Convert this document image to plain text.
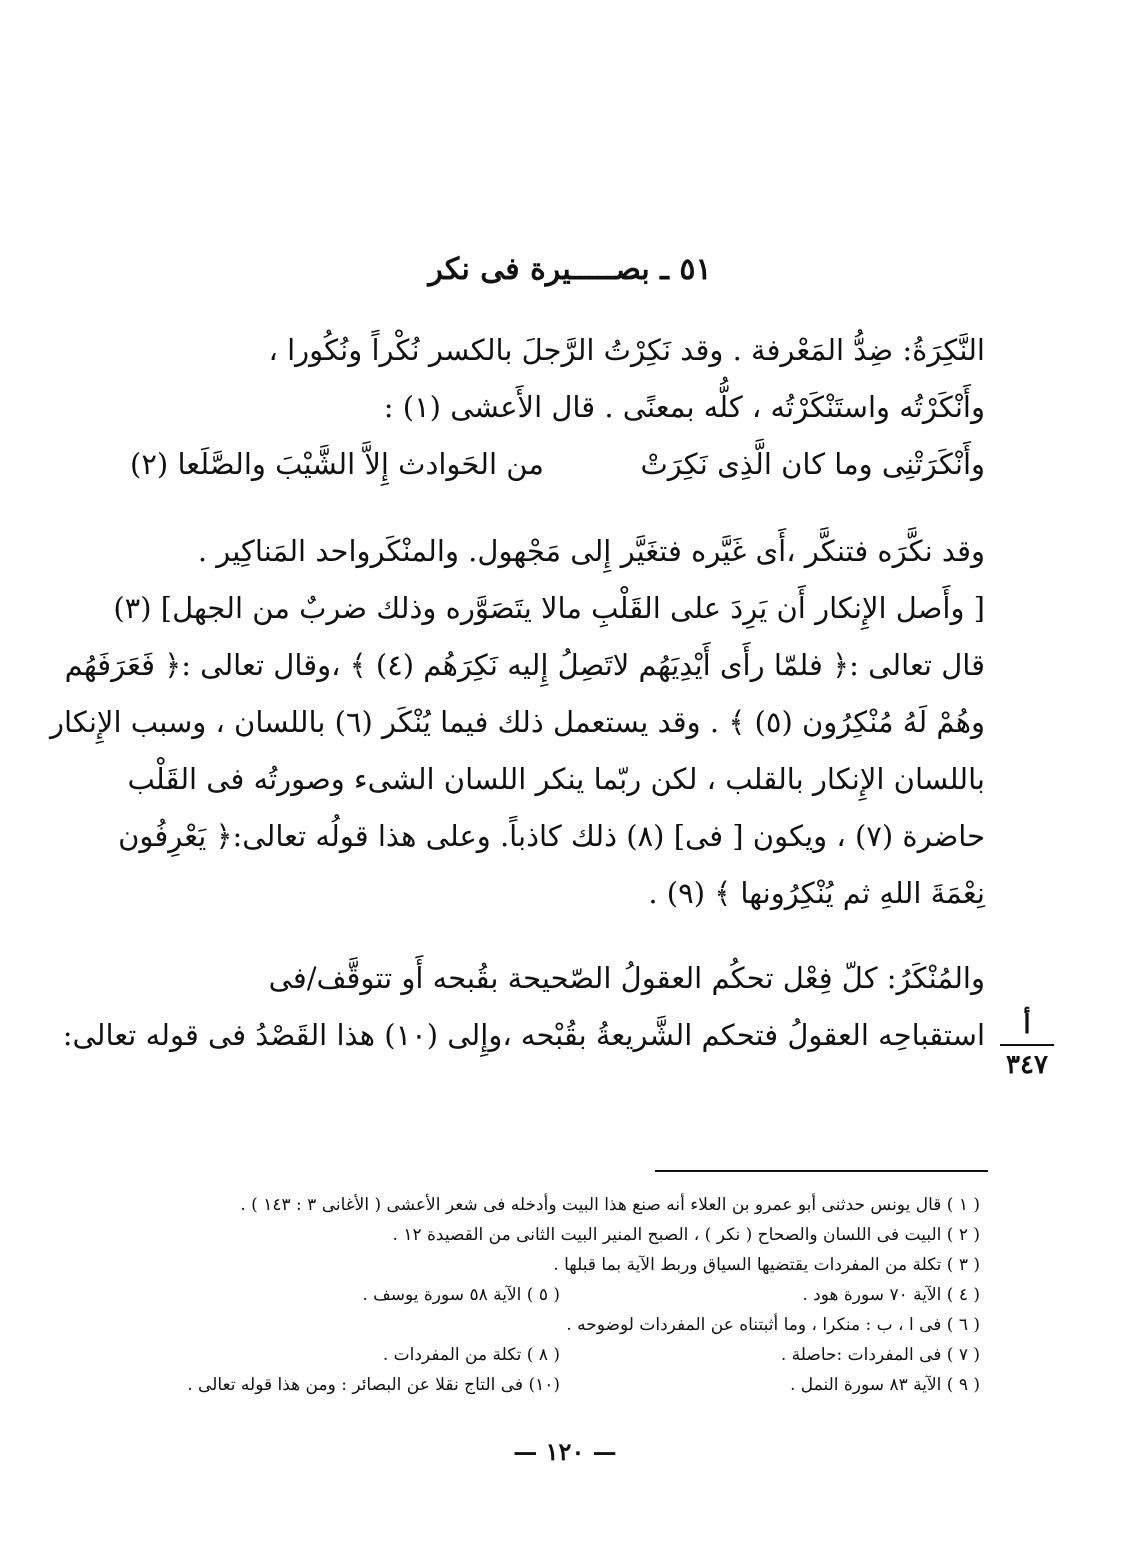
٥١ ـ بصـــــيرة فى نكر
النَّكِرَةُ: ضِدُّ المَعْرفة . وقد نَكِرْتُ الرَّجلَ بالكسر نُكْراً ونُكُورا ،
وأَنْكَرْتُه واستَنْكَرْتُه ، كلُّه بمعنًى . قال الأَعشى (١) :
وأَنْكَرَتْنِى وما كان الَّذِى نَكِرَتْ
من الحَوادث إِلاَّ الشَّيْبَ والصَّلَعا (٢)
وقد نكَّرَه فتنكَّر ،أَى غَيَّره فتغَيَّر إِلى مَجْهول. والمنْكَرواحد المَناكِير .
[ وأَصل الإِنكار أَن يَرِدَ على القَلْبِ مالا يتَصَوَّره وذلك ضربٌ من الجهل] (٣)
قال تعالى :﴿ فلمّا رأَى أَيْدِيَهُم لاتَصِلُ إِليه نَكِرَهُم (٤) ﴾ ،وقال تعالى :﴿ فَعَرَفَهُم
وهُمْ لَهُ مُنْكِرُون (٥) ﴾ . وقد يستعمل ذلك فيما يُنْكَر (٦) باللسان ، وسبب الإِنكار
باللسان الإِنكار بالقلب ، لكن ربّما ينكر اللسان الشىء وصورتُه فى القَلْب
حاضرة (٧) ، ويكون [ فى] (٨) ذلك كاذباً. وعلى هذا قولُه تعالى:﴿ يَعْرِفُون
نِعْمَةَ اللهِ ثم يُنْكِرُونها ﴾ (٩) .
والمُنْكَرُ: كلّ فِعْل تحكُم العقولُ الصّحيحة بقُبحه أَو تتوقَّف/فى
استقباحِه العقولُ فتحكم الشَّريعةُ بقُبْحه ،وإِلى (١٠) هذا القَصْدُ فى قوله تعالى:	أ
٣٤٧
( ١ ) قال يونس حدثنى أبو عمرو بن العلاء أنه صنع هذا البيت وأدخله فى شعر الأعشى ( الأغانى ٣ : ١٤٣ ) .
( ٢ ) البيت فى اللسان والصحاح ( نكر ) ، الصبح المنير البيت الثانى من القصيدة ١٢ .
( ٣ ) تكلة من المفردات يقتضيها السياق وربط الآية بما قبلها .
( ٤ ) الآية ٧٠ سورة هود .
( ٥ ) الآية ٥٨ سورة يوسف .
( ٦ ) فى ا ، ب : منكرا ، وما أثبتناه عن المفردات لوضوحه .
( ٧ ) فى المفردات :حاصلة .
( ٨ ) تكلة من المفردات .
( ٩ ) الآية ٨٣ سورة النمل .
(١٠) فى التاج نقلا عن البصائر : ومن هذا قوله تعالى .
— ١٢٠ —
